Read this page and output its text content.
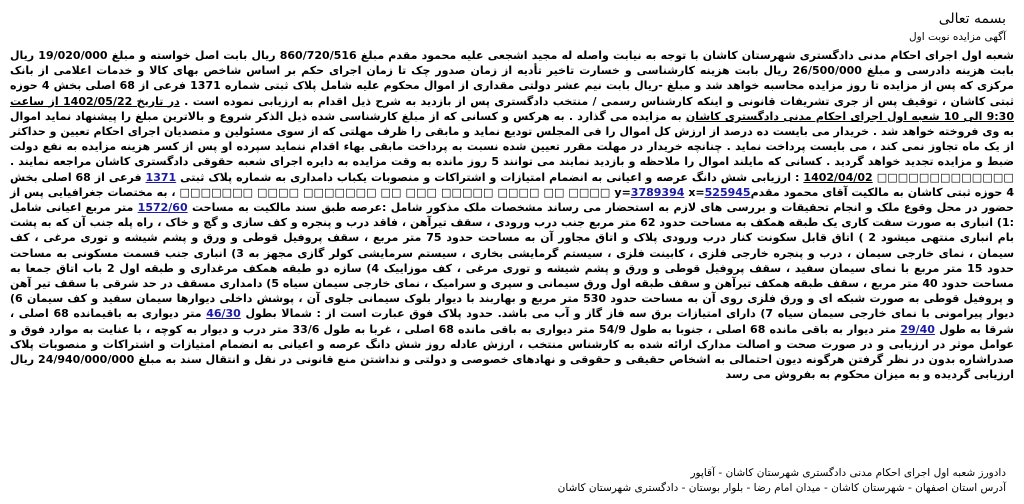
بسمه تعالی
آگهی مزایده نوبت اول
شعبه اول اجرای احکام مدنی دادگستری شهرستان کاشان با توجه به نیابت واصله له مجید اشجعی علیه محمود مقدم مبلغ 860/720/516 ریال بابت اصل خواسته و مبلغ 19/020/000 ریال بابت هزینه دادرسی و مبلغ 26/500/000 ریال بابت هزینه کارشناسی و خسارت تاخیر تأدیه از زمان صدور چک تا زمان اجرای حکم بر اساس شاخص بهای کالا و خدمات اعلامی از بانک مرکزی که پس از مزایده تا روز مزایده محاسبه خواهد شد و مبلغ -ریال بابت نیم عشر دولتی مقداری از اموال محکوم علیه شامل پلاک ثبتی شماره 1371 فرعی از 68 اصلی بخش 4 حوزه ثبتی کاشان ، توقیف پس از جری تشریفات قانونی و اینکه کارشناس رسمی / منتخب دادگستری پس از بازدید به شرح ذیل اقدام به ارزیابی نموده است . در تاریخ 1402/05/22 از ساعت 9:30 الی 10 شعبه اول اجرای احکام مدنی دادگستری کاشان به مزایده می گذارد . به هرکس و کسانی که از مبلغ کارشناسی شده ذیل الذکر شروع و بالاترین مبلغ را پیشنهاد نماید اموال به وی فروخته خواهد شد . خریدار می بایست ده درصد از ارزش کل اموال را فی المجلس تودیع نماید و مابقی را ظرف مهلتی که از سوی مسئولین و متصدیان اجرای احکام تعیین و حداکثر از یک ماه تجاوز نمی کند ، می بایست پرداخت نماید . چنانچه خریدار در مهلت مقرر تعیین شده نسبت به پرداخت مابقی بهاء اقدام ننماید سپرده او پس از کسر هزینه مزایده به نفع دولت ضبط و مزایده تجدید خواهد گردید . کسانی که مایلند اموال را ملاحظه و بازدید نمایند می توانند 5 روز مانده به وقت مزایده به دایره اجرای شعبه حقوقی دادگستری کاشان مراجعه نمایند . □□□□□□□□□□□□□ 1402/04/02 : ارزیابی شش دانگ عرصه و اعیانی به انضمام امتیازات و اشتراکات و منصوبات یکباب دامداری به شماره پلاک ثبتی 1371 فرعی از 68 اصلی بخش 4 حوزه ثبتی کاشان به مالکیت آقای محمود مقدمy=3789394 x=525945 □□□□ □□ □□□□ □□□□□ □□□ □□ □□□□□□□ □□□□ □□□□□□□ ، به مختصات جغرافیایی پس از حضور در محل وقوع ملک و انجام تحقیقات و بررسی های لازم به استحضار می رساند مشخصات ملک مذکور شامل :عرصه طبق سند مالکیت به مساحت 1572/60 متر مربع اعیانی شامل :1) انباری به صورت سفت کاری یک طبقه همکف به مساحت حدود 62 متر مربع جنب درب ورودی ، سقف تیرآهن ، فاقد درب و پنجره و کف سازی و گچ و خاک ، راه پله جنب آن که به پشت بام انباری منتهی میشود 2 ) اتاق قابل سکونت کنار درب ورودی پلاک و اتاق مجاور آن به مساحت حدود 75 متر مربع ، سقف پروفیل قوطی و ورق و پشم شیشه و توری مرغی ، کف سیمان ، نمای خارجی سیمان ، درب و پنجره خارجی فلزی ، کابینت فلزی ، سیستم گرمایشی بخاری ، سیستم سرمایشی کولر گازی مجهز به 3) انباری جنب قسمت مسکونی به مساحت حدود 15 متر مربع با نمای سیمان سفید ، سقف پروفیل قوطی و ورق و پشم شیشه و توری مرغی ، کف موزاییک 4) سازه دو طبقه همکف مرغداری و طبقه اول 2 باب اتاق جمعا به مساحت حدود 40 متر مربع ، سقف طبقه همکف تیرآهن و سقف طبقه اول ورق سیمانی و سپری و سرامیک ، نمای خارجی سیمان سیاه 5) دامداری مسقف در حد شرقی با سقف تیر آهن و پروفیل قوطی به صورت شبکه ای و ورق فلزی روی آن به مساحت حدود 530 متر مربع و بهاربند با دیوار بلوک سیمانی جلوی آن ، پوشش داخلی دیوارها سیمان سفید و کف سیمان 6) دیوار پیرامونی با نمای خارجی سیمان سیاه 7) دارای امتیازات برق سه فاز گاز و آب می باشد. حدود پلاک فوق عبارت است از : شمالا بطول 46/30 متر دیواری به باقیمانده 68 اصلی ، شرقا به طول 29/40 متر دیوار به باقی مانده 68 اصلی ، جنوبا به طول 54/9 متر دیواری به باقی مانده 68 اصلی ، غربا به طول 33/6 متر درب و دیوار به کوچه ، با عنایت به موارد فوق و عوامل موثر در ارزیابی و در صورت صحت و اصالت مدارک ارائه شده به کارشناس منتخب ، ارزش عادله روز شش دانگ عرصه و اعیانی به انضمام امتیازات و اشتراکات و منصوبات پلاک صدراشاره بدون در نظر گرفتن هرگونه دیون احتمالی به اشخاص حقیقی و حقوقی و نهادهای خصوصی و دولتی و نداشتن منع قانونی در نقل و انتقال سند به مبلغ 24/940/000/000 ریال ارزیابی گردیده و به میزان محکوم به بفروش می رسد
دادورز شعبه اول اجرای احکام مدنی دادگستری شهرستان کاشان - آقاپور
آدرس استان اصفهان - شهرستان کاشان - میدان امام رضا - بلوار بوستان - دادگستری شهرستان کاشان
